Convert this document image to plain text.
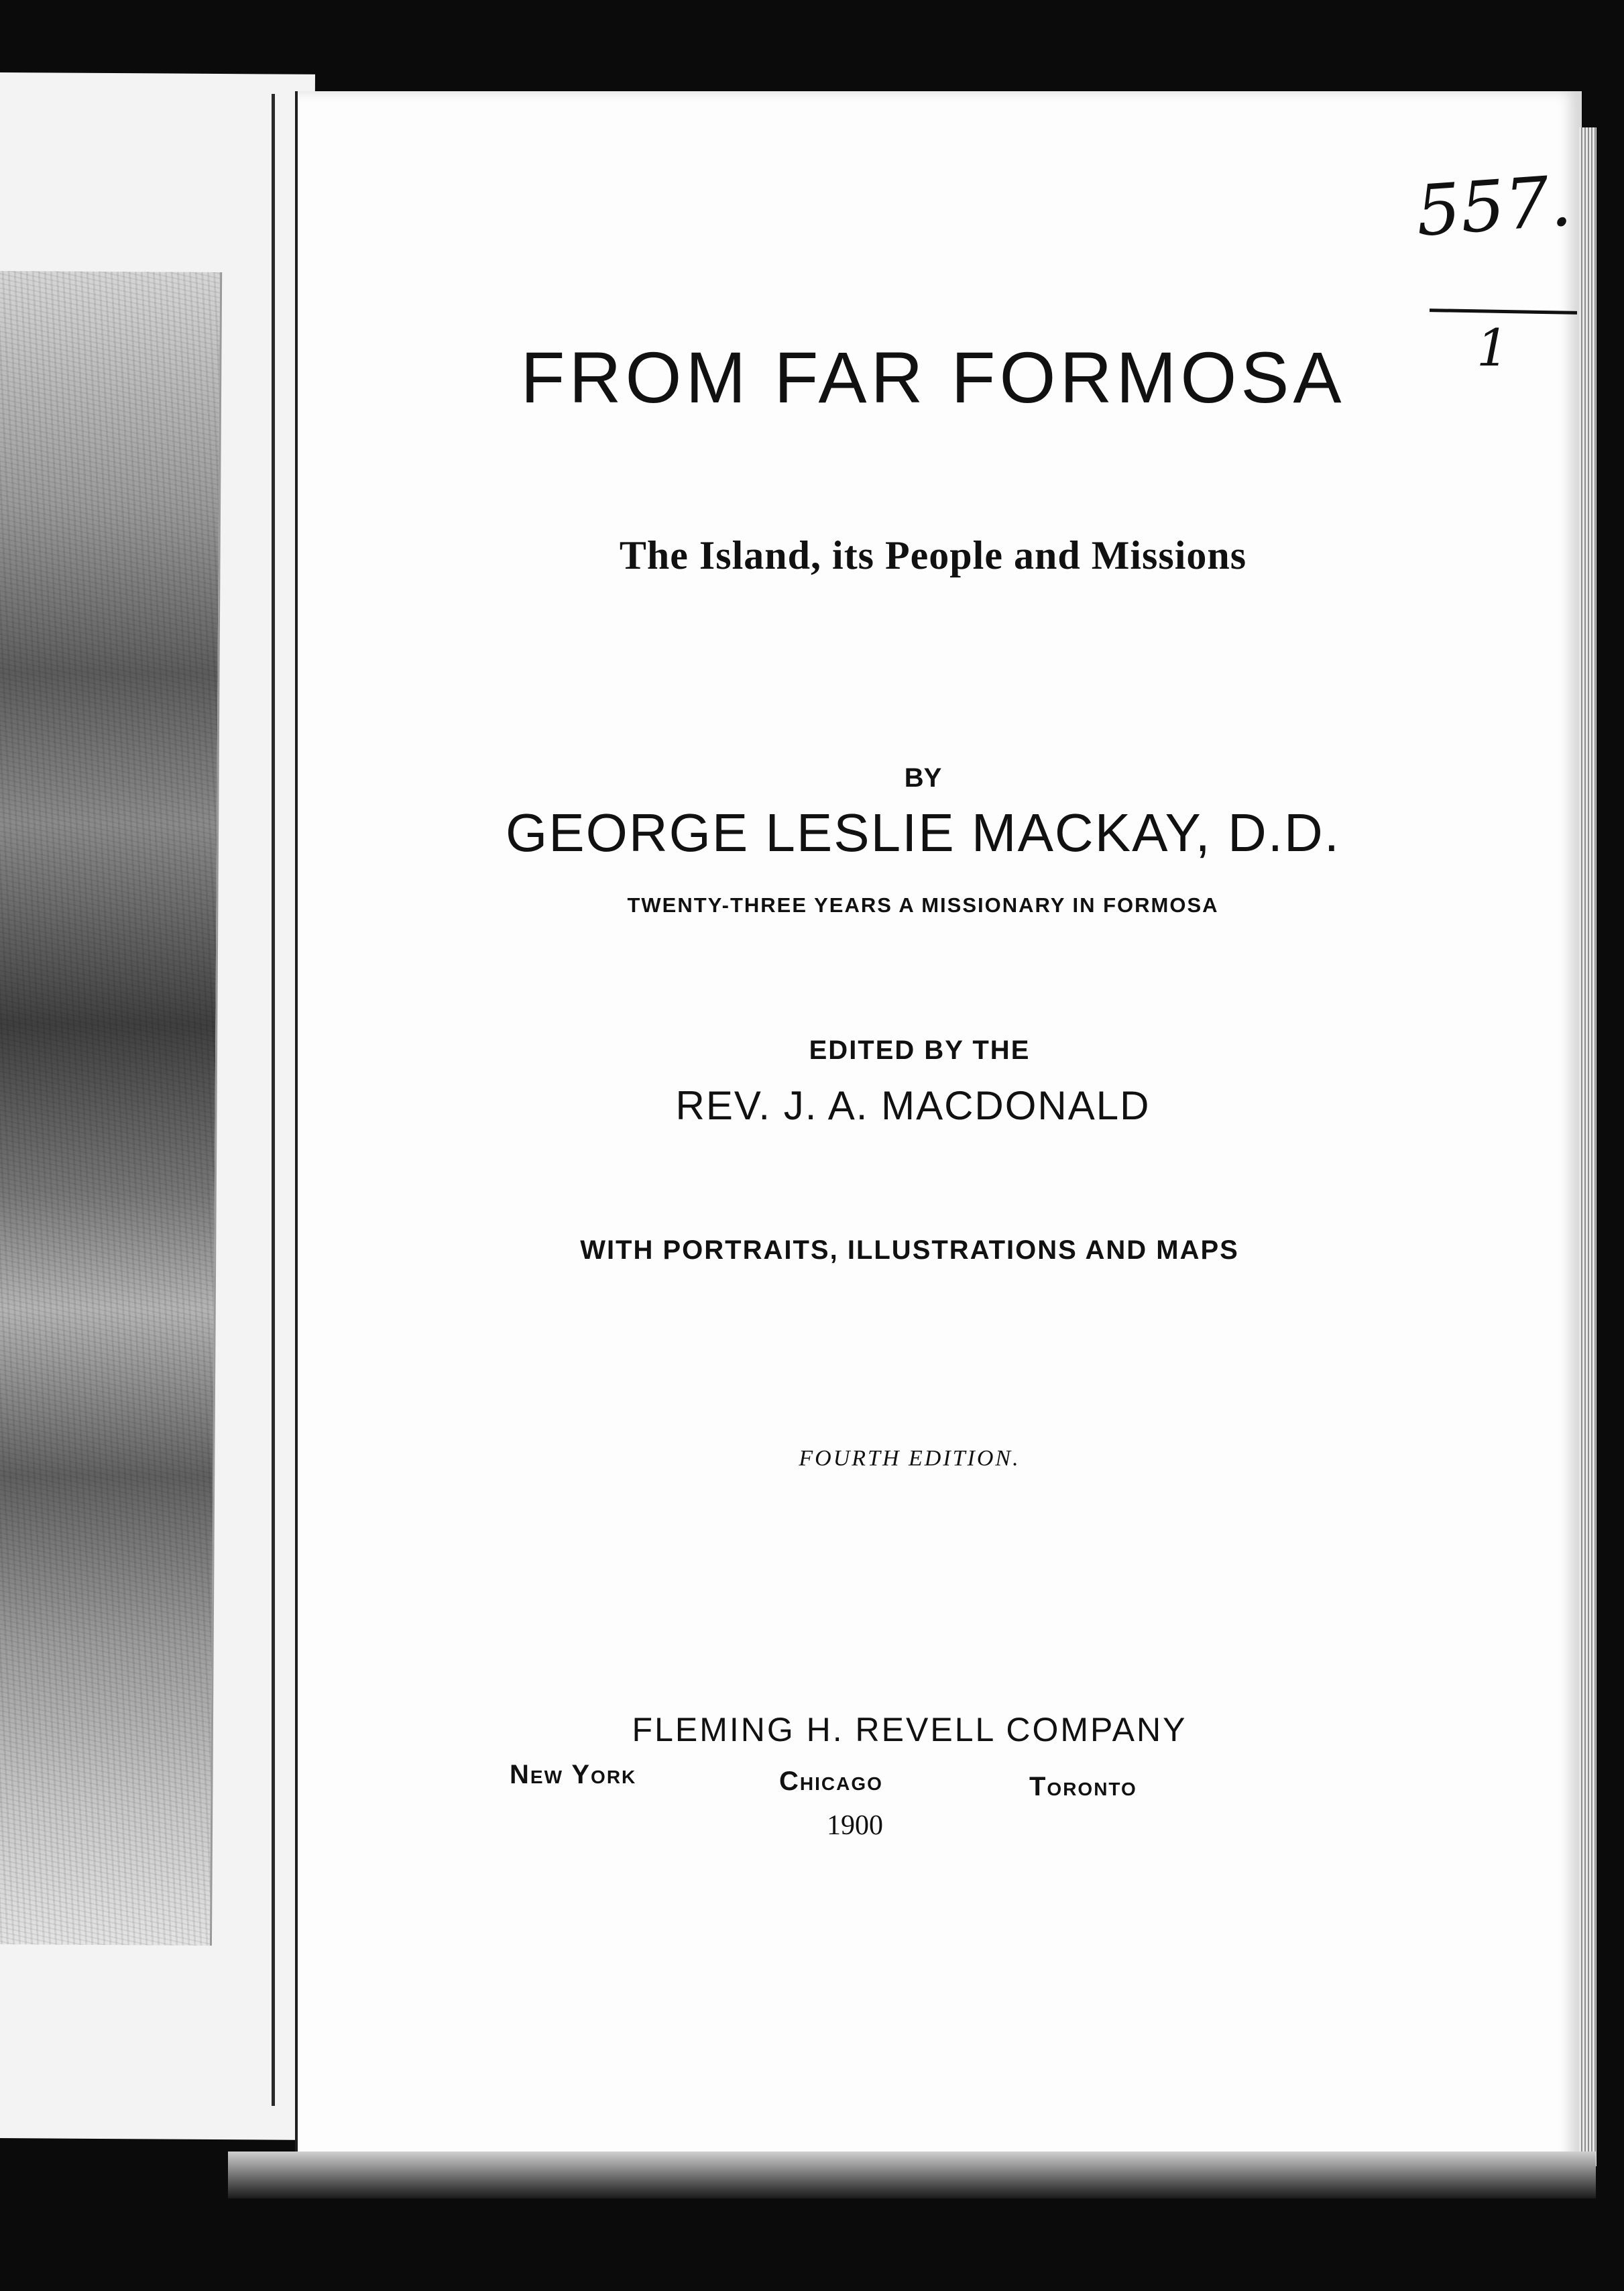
557.
1
FROM FAR FORMOSA
The Island, its People and Missions
BY
GEORGE LESLIE MACKAY, D.D.
TWENTY-THREE YEARS A MISSIONARY IN FORMOSA
EDITED BY THE
REV. J. A. MACDONALD
WITH PORTRAITS, ILLUSTRATIONS AND MAPS
FOURTH EDITION.
FLEMING H. REVELL COMPANY
New York	Chicago	Toronto
1900
